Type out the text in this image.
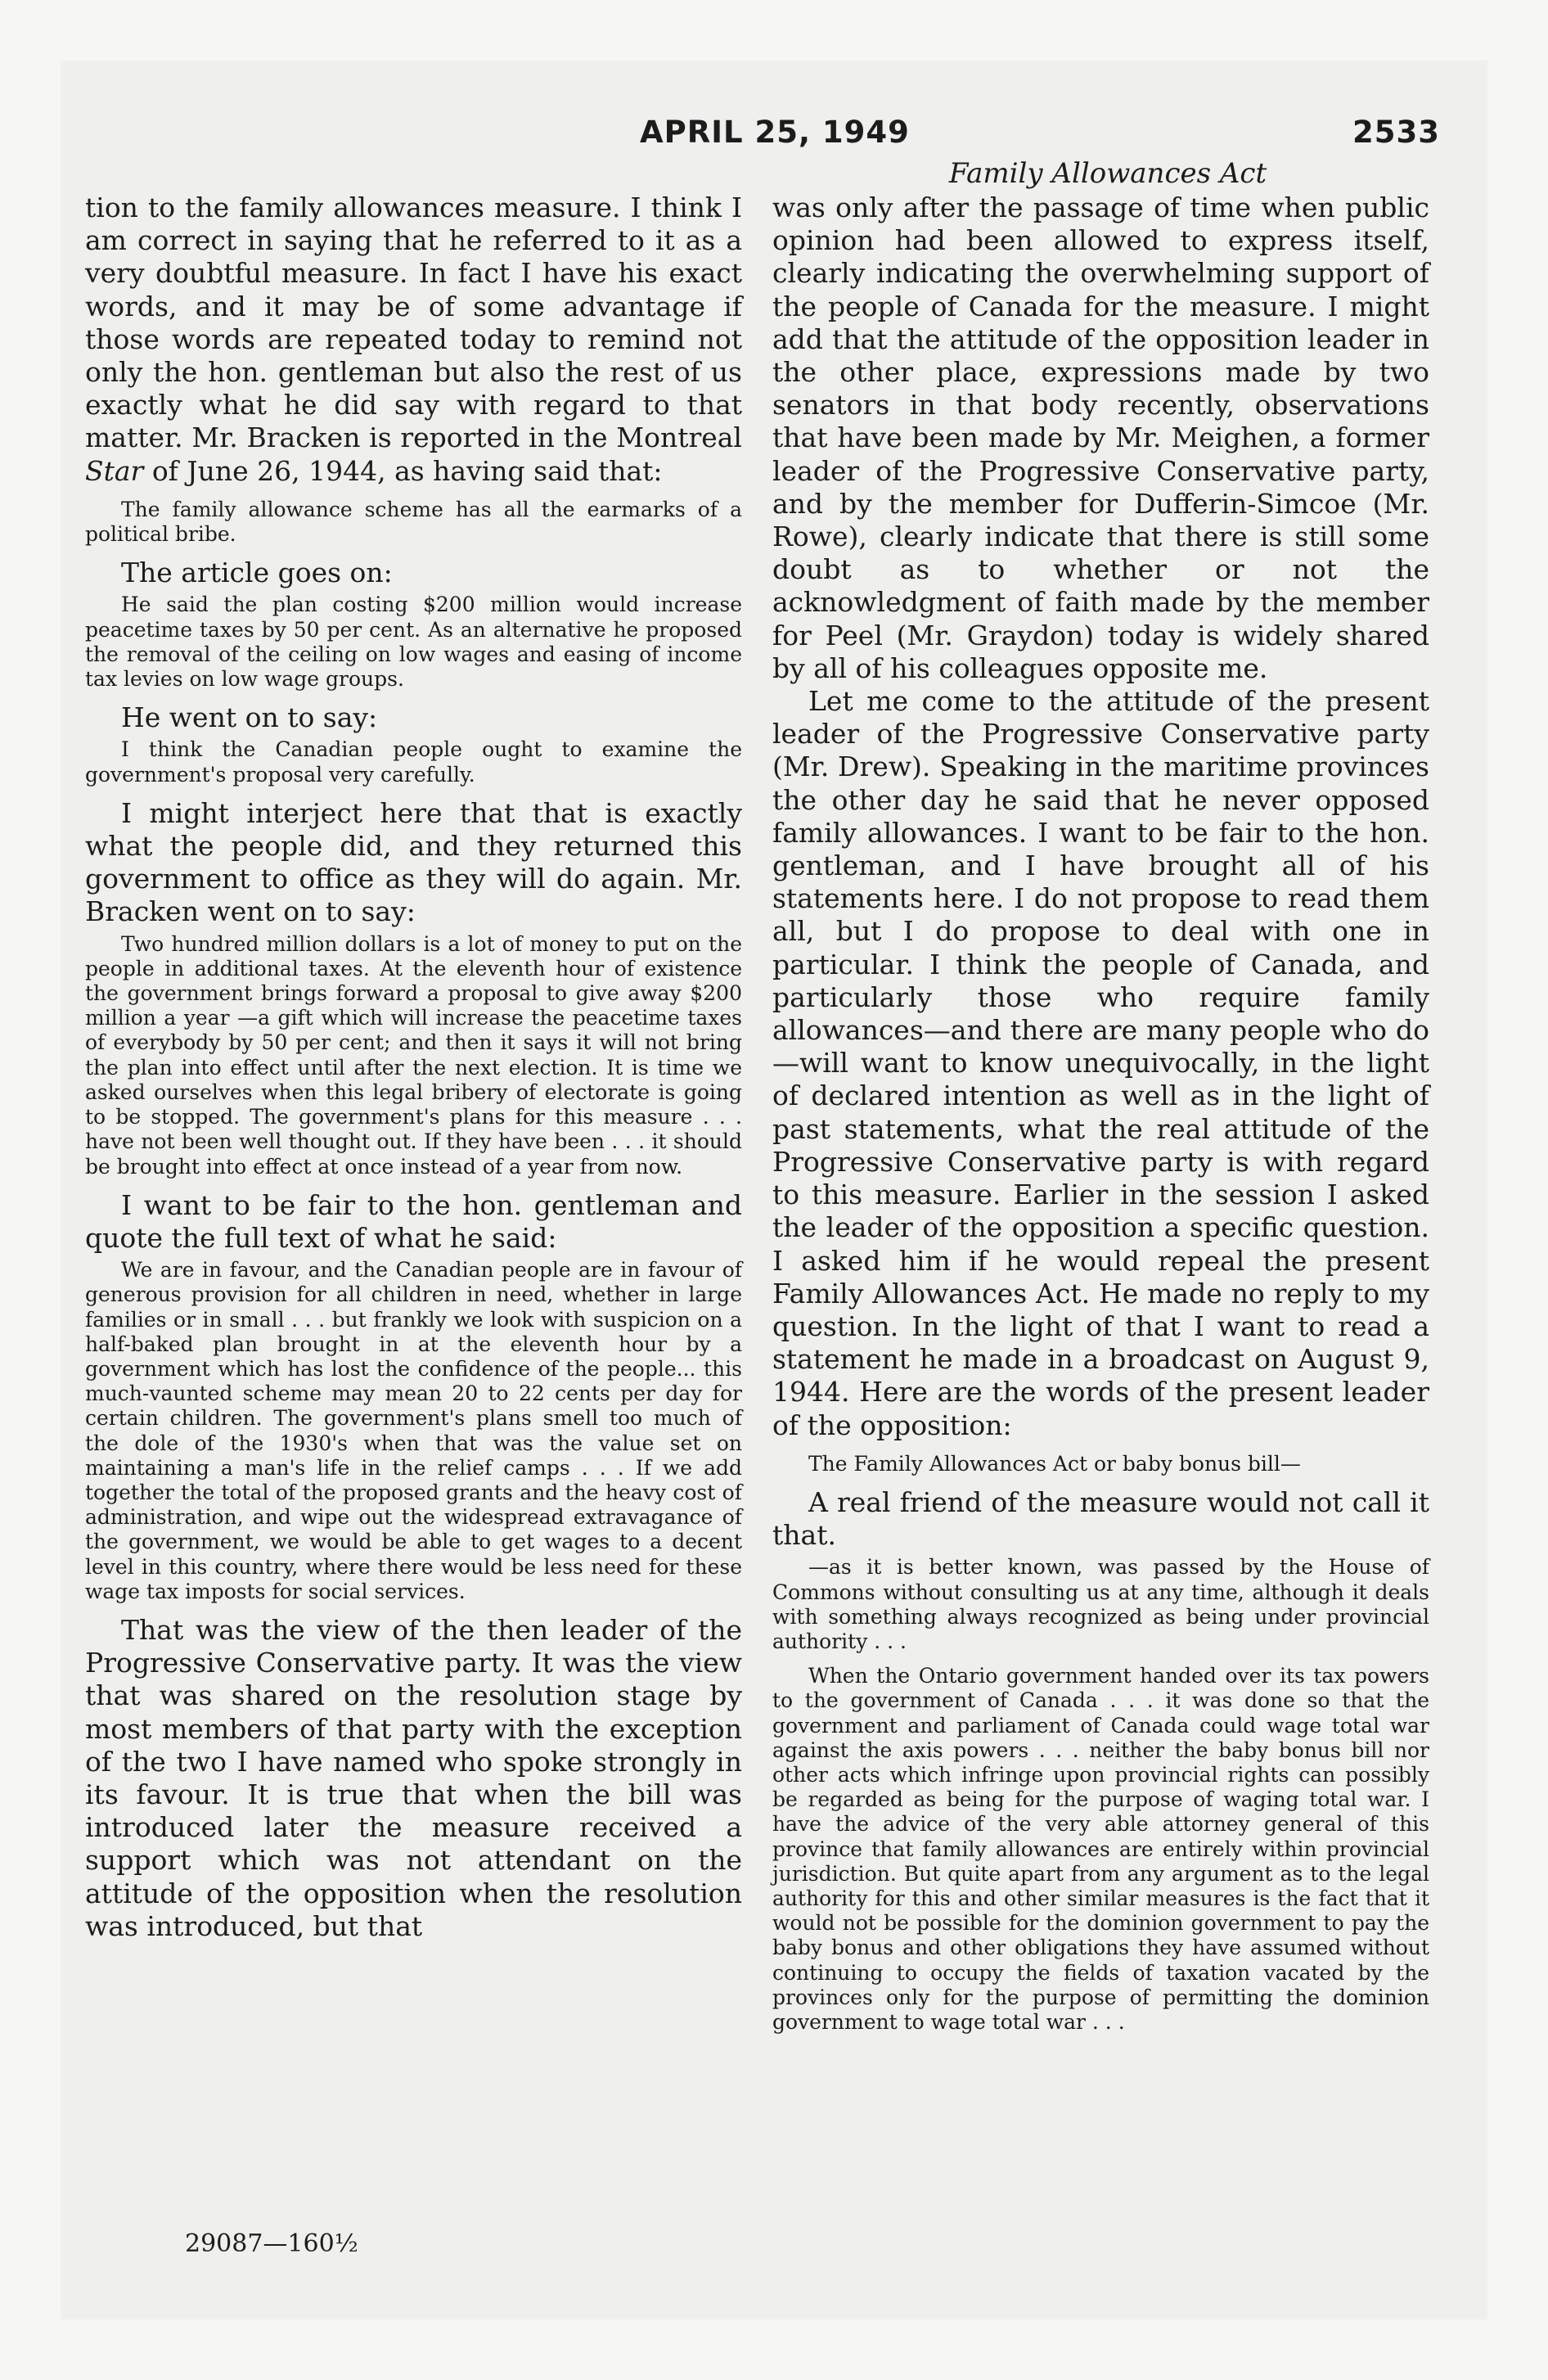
APRIL 25, 1949	2533
Family Allowances Act

tion to the family allowances measure. I think I am correct in saying that he referred to it as a very doubtful measure. In fact I have his exact words, and it may be of some advantage if those words are repeated today to remind not only the hon. gentleman but also the rest of us exactly what he did say with regard to that matter. Mr. Bracken is reported in the Montreal Star of June 26, 1944, as having said that:

The family allowance scheme has all the earmarks of a political bribe.

The article goes on:

He said the plan costing $200 million would increase peacetime taxes by 50 per cent. As an alternative he proposed the removal of the ceiling on low wages and easing of income tax levies on low wage groups.

He went on to say:

I think the Canadian people ought to examine the government's proposal very carefully.

I might interject here that that is exactly what the people did, and they returned this government to office as they will do again. Mr. Bracken went on to say:

Two hundred million dollars is a lot of money to put on the people in additional taxes. At the eleventh hour of existence the government brings forward a proposal to give away $200 million a year —a gift which will increase the peacetime taxes of everybody by 50 per cent; and then it says it will not bring the plan into effect until after the next election. It is time we asked ourselves when this legal bribery of electorate is going to be stopped. The government's plans for this measure . . . have not been well thought out. If they have been . . . it should be brought into effect at once instead of a year from now.

I want to be fair to the hon. gentleman and quote the full text of what he said:

We are in favour, and the Canadian people are in favour of generous provision for all children in need, whether in large families or in small . . . but frankly we look with suspicion on a half-baked plan brought in at the eleventh hour by a government which has lost the confidence of the people... this much-vaunted scheme may mean 20 to 22 cents per day for certain children. The government's plans smell too much of the dole of the 1930's when that was the value set on maintaining a man's life in the relief camps . . . If we add together the total of the proposed grants and the heavy cost of administration, and wipe out the widespread extravagance of the government, we would be able to get wages to a decent level in this country, where there would be less need for these wage tax imposts for social services.

That was the view of the then leader of the Progressive Conservative party. It was the view that was shared on the resolution stage by most members of that party with the exception of the two I have named who spoke strongly in its favour. It is true that when the bill was introduced later the measure received a support which was not attendant on the attitude of the opposition when the resolution was introduced, but that

was only after the passage of time when public opinion had been allowed to express itself, clearly indicating the overwhelming support of the people of Canada for the measure. I might add that the attitude of the opposition leader in the other place, expressions made by two senators in that body recently, observations that have been made by Mr. Meighen, a former leader of the Progressive Conservative party, and by the member for Dufferin-Simcoe (Mr. Rowe), clearly indicate that there is still some doubt as to whether or not the acknowledgment of faith made by the member for Peel (Mr. Graydon) today is widely shared by all of his colleagues opposite me.

Let me come to the attitude of the present leader of the Progressive Conservative party (Mr. Drew). Speaking in the maritime provinces the other day he said that he never opposed family allowances. I want to be fair to the hon. gentleman, and I have brought all of his statements here. I do not propose to read them all, but I do propose to deal with one in particular. I think the people of Canada, and particularly those who require family allowances—and there are many people who do—will want to know unequivocally, in the light of declared intention as well as in the light of past statements, what the real attitude of the Progressive Conservative party is with regard to this measure. Earlier in the session I asked the leader of the opposition a specific question. I asked him if he would repeal the present Family Allowances Act. He made no reply to my question. In the light of that I want to read a statement he made in a broadcast on August 9, 1944. Here are the words of the present leader of the opposition:

The Family Allowances Act or baby bonus bill—

A real friend of the measure would not call it that.

—as it is better known, was passed by the House of Commons without consulting us at any time, although it deals with something always recognized as being under provincial authority . . .

When the Ontario government handed over its tax powers to the government of Canada . . . it was done so that the government and parliament of Canada could wage total war against the axis powers . . . neither the baby bonus bill nor other acts which infringe upon provincial rights can possibly be regarded as being for the purpose of waging total war. I have the advice of the very able attorney general of this province that family allowances are entirely within provincial jurisdiction. But quite apart from any argument as to the legal authority for this and other similar measures is the fact that it would not be possible for the dominion government to pay the baby bonus and other obligations they have assumed without continuing to occupy the fields of taxation vacated by the provinces only for the purpose of permitting the dominion government to wage total war . . .

29087—160½
